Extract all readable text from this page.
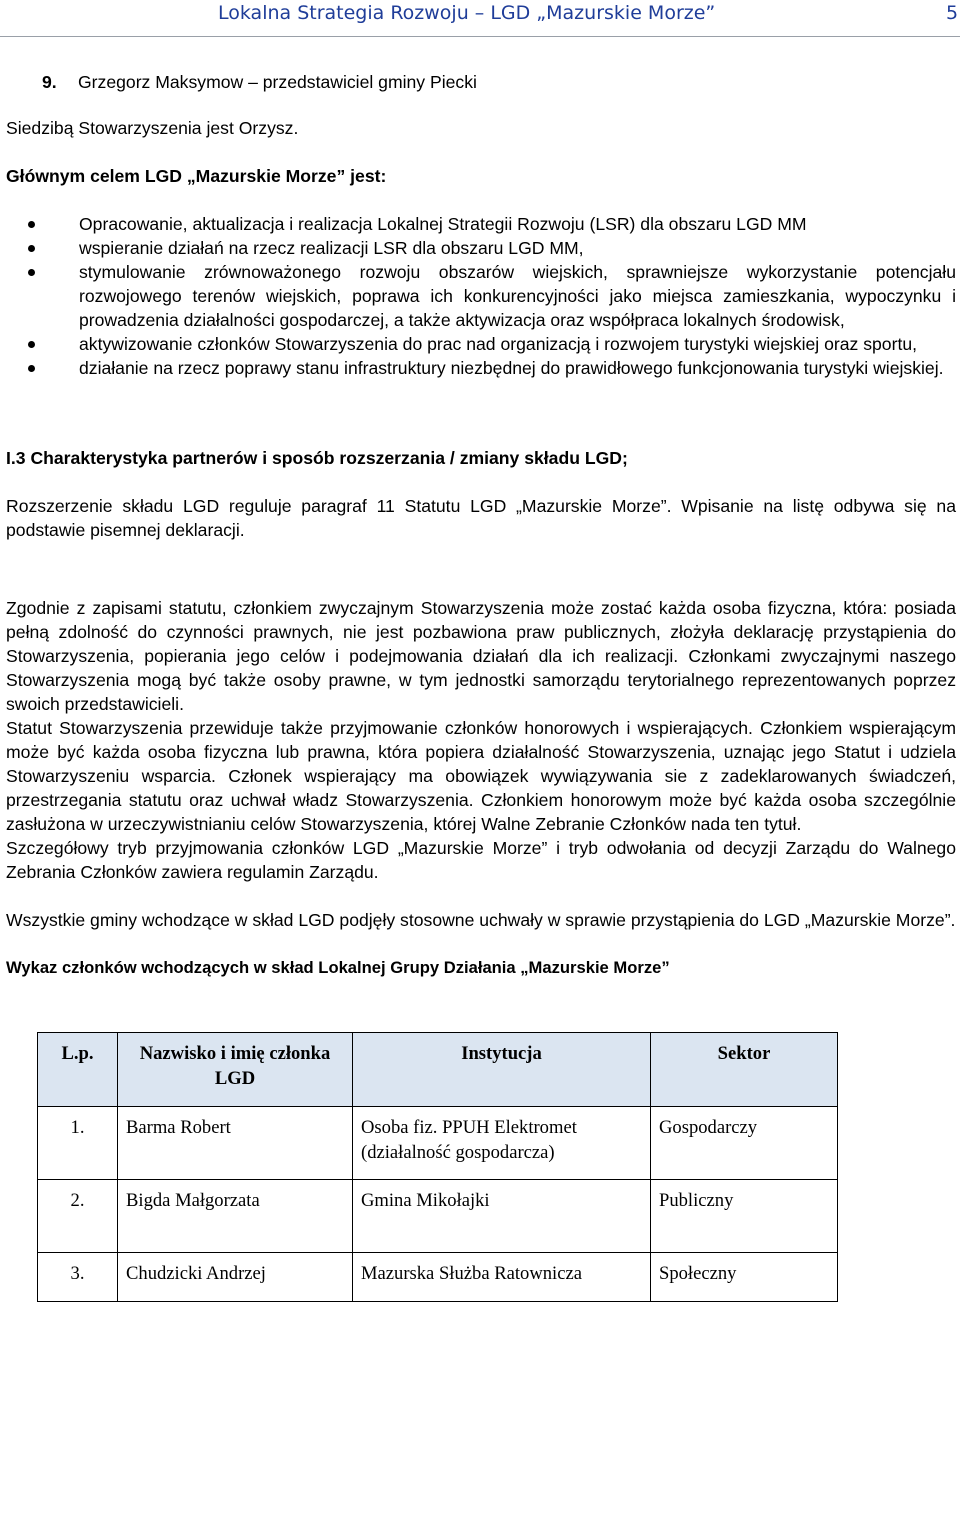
Lokalna Strategia Rozwoju – LGD „Mazurskie Morze”	5

9. Grzegorz Maksymow – przedstawiciel gminy Piecki

Siedzibą Stowarzyszenia jest Orzysz.

Głównym celem LGD „Mazurskie Morze” jest:

Opracowanie, aktualizacja i realizacja Lokalnej Strategii Rozwoju (LSR) dla obszaru LGD MM
wspieranie działań na rzecz realizacji LSR dla obszaru LGD MM,
stymulowanie zrównoważonego rozwoju obszarów wiejskich, sprawniejsze wykorzystanie potencjału rozwojowego terenów wiejskich, poprawa ich konkurencyjności jako miejsca zamieszkania, wypoczynku i prowadzenia działalności gospodarczej, a także aktywizacja oraz współpraca lokalnych środowisk,
aktywizowanie członków Stowarzyszenia do prac nad organizacją i rozwojem turystyki wiejskiej oraz sportu,
działanie na rzecz poprawy stanu infrastruktury niezbędnej do prawidłowego funkcjonowania turystyki wiejskiej.

I.3 Charakterystyka partnerów i sposób rozszerzania / zmiany składu LGD;

Rozszerzenie składu LGD reguluje paragraf 11 Statutu LGD „Mazurskie Morze”. Wpisanie na listę odbywa się na podstawie pisemnej deklaracji.

Zgodnie z zapisami statutu, członkiem zwyczajnym Stowarzyszenia może zostać każda osoba fizyczna, która: posiada pełną zdolność do czynności prawnych, nie jest pozbawiona praw publicznych, złożyła deklarację przystąpienia do Stowarzyszenia, popierania jego celów i podejmowania działań dla ich realizacji. Członkami zwyczajnymi naszego Stowarzyszenia mogą być także osoby prawne, w tym jednostki samorządu terytorialnego reprezentowanych poprzez swoich przedstawicieli.

Statut Stowarzyszenia przewiduje także przyjmowanie członków honorowych i wspierających. Członkiem wspierającym może być każda osoba fizyczna lub prawna, która popiera działalność Stowarzyszenia, uznając jego Statut i udziela Stowarzyszeniu wsparcia. Członek wspierający ma obowiązek wywiązywania sie z zadeklarowanych świadczeń, przestrzegania statutu oraz uchwał władz Stowarzyszenia. Członkiem honorowym może być każda osoba szczególnie zasłużona w urzeczywistnianiu celów Stowarzyszenia, której Walne Zebranie Członków nada ten tytuł.

Szczegółowy tryb przyjmowania członków LGD „Mazurskie Morze” i tryb odwołania od decyzji Zarządu do Walnego Zebrania Członków zawiera regulamin Zarządu.

Wszystkie gminy wchodzące w skład LGD podjęły stosowne uchwały w sprawie przystąpienia do LGD „Mazurskie Morze”.

Wykaz członków wchodzących w skład Lokalnej Grupy Działania „Mazurskie Morze”

L.p.	Nazwisko i imię członka LGD	Instytucja	Sektor
1.	Barma Robert	Osoba fiz. PPUH Elektromet (działalność gospodarcza)	Gospodarczy
2.	Bigda Małgorzata	Gmina Mikołajki	Publiczny
3.	Chudzicki Andrzej	Mazurska Służba Ratownicza	Społeczny
